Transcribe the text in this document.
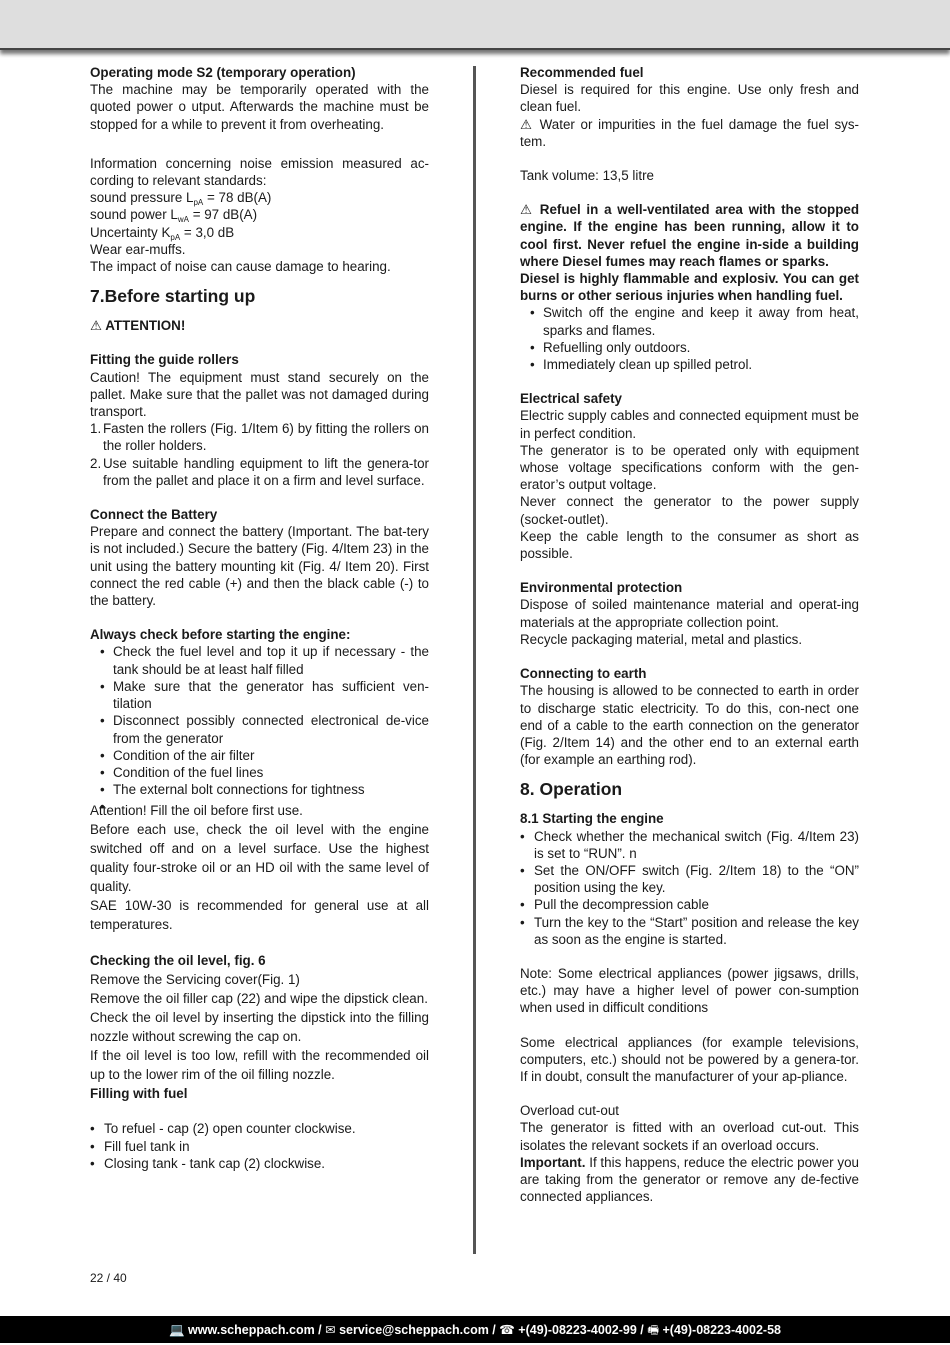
Operating mode S2 (temporary operation)

The machine may be temporarily operated with the quoted power o utput. Afterwards the machine must be stopped for a while to prevent it from overheating.

Information concerning noise emission measured ac-cording to relevant standards:

sound pressure $L_{pA} = 78$ dB(A)

sound power $L_{wA} = 97$ dB(A)

Uncertainty $K_{pA} = 3,0$ dB

Wear ear-muffs.

The impact of noise can cause damage to hearing.

7.Before starting up

⚠ ATTENTION!

Fitting the guide rollers

Caution! The equipment must stand securely on the pallet. Make sure that the pallet was not damaged during transport.

1. Fasten the rollers (Fig. 1/Item 6) by fitting the rollers on the roller holders.
2. Use suitable handling equipment to lift the genera-tor from the pallet and place it on a firm and level surface.

Connect the Battery

Prepare and connect the battery (Important. The bat-tery is not included.) Secure the battery (Fig. 4/Item 23) in the unit using the battery mounting kit (Fig. 4/ Item 20). First connect the red cable (+) and then the black cable (-) to the battery.

Always check before starting the engine:

• Check the fuel level and top it up if necessary - the tank should be at least half filled
• Make sure that the generator has sufficient ven-tilation
• Disconnect possibly connected electronical de-vice from the generator
• Condition of the air filter
• Condition of the fuel lines
• The external bolt connections for tightness

Attention! Fill the oil before first use.

Before each use, check the oil level with the engine switched off and on a level surface. Use the highest quality four-stroke oil or an HD oil with the same level of quality.

SAE 10W-30 is recommended for general use at all temperatures.

Checking the oil level, fig. 6

Remove the Servicing cover(Fig. 1)

Remove the oil filler cap (22) and wipe the dipstick clean.

Check the oil level by inserting the dipstick into the filling nozzle without screwing the cap on.

If the oil level is too low, refill with the recommended oil up to the lower rim of the oil filling nozzle.

Filling with fuel

• To refuel - cap (2) open counter clockwise.
• Fill fuel tank in
• Closing tank - tank cap (2) clockwise.
22 / 40

Recommended fuel

Diesel is required for this engine. Use only fresh and clean fuel.

⚠ Water or impurities in the fuel damage the fuel sys-tem.

Tank volume: 13,5 litre

⚠ Refuel in a well-ventilated area with the stopped engine. If the engine has been running, allow it to cool first. Never refuel the engine in-side a building where Diesel fumes may reach flames or sparks.

Diesel is highly flammable and explosiv. You can get burns or other serious injuries when handling fuel.

• Switch off the engine and keep it away from heat, sparks and flames.
• Refuelling only outdoors.
• Immediately clean up spilled petrol.

Electrical safety

Electric supply cables and connected equipment must be in perfect condition.

The generator is to be operated only with equipment whose voltage specifications conform with the gen-erator’s output voltage.

Never connect the generator to the power supply (socket-outlet).

Keep the cable length to the consumer as short as possible.

Environmental protection

Dispose of soiled maintenance material and operat-ing materials at the appropriate collection point.

Recycle packaging material, metal and plastics.

Connecting to earth

The housing is allowed to be connected to earth in order to discharge static electricity. To do this, con-nect one end of a cable to the earth connection on the generator (Fig. 2/Item 14) and the other end to an external earth (for example an earthing rod).

8. Operation

8.1 Starting the engine

• Check whether the mechanical switch (Fig. 4/Item 23) is set to “RUN”. n
• Set the ON/OFF switch (Fig. 2/Item 18) to the “ON” position using the key.
• Pull the decompression cable
• Turn the key to the “Start” position and release the key as soon as the engine is started.

Note: Some electrical appliances (power jigsaws, drills, etc.) may have a higher level of power con-sumption when used in difficult conditions

Some electrical appliances (for example televisions, computers, etc.) should not be powered by a genera-tor. If in doubt, consult the manufacturer of your ap-pliance.

Overload cut-out

The generator is fitted with an overload cut-out. This isolates the relevant sockets if an overload occurs.

Important. If this happens, reduce the electric power you are taking from the generator or remove any de-fective connected appliances.

💻 www.scheppach.com / ✉ service@scheppach.com / ☎ +(49)-08223-4002-99 / 🖷 +(49)-08223-4002-58
